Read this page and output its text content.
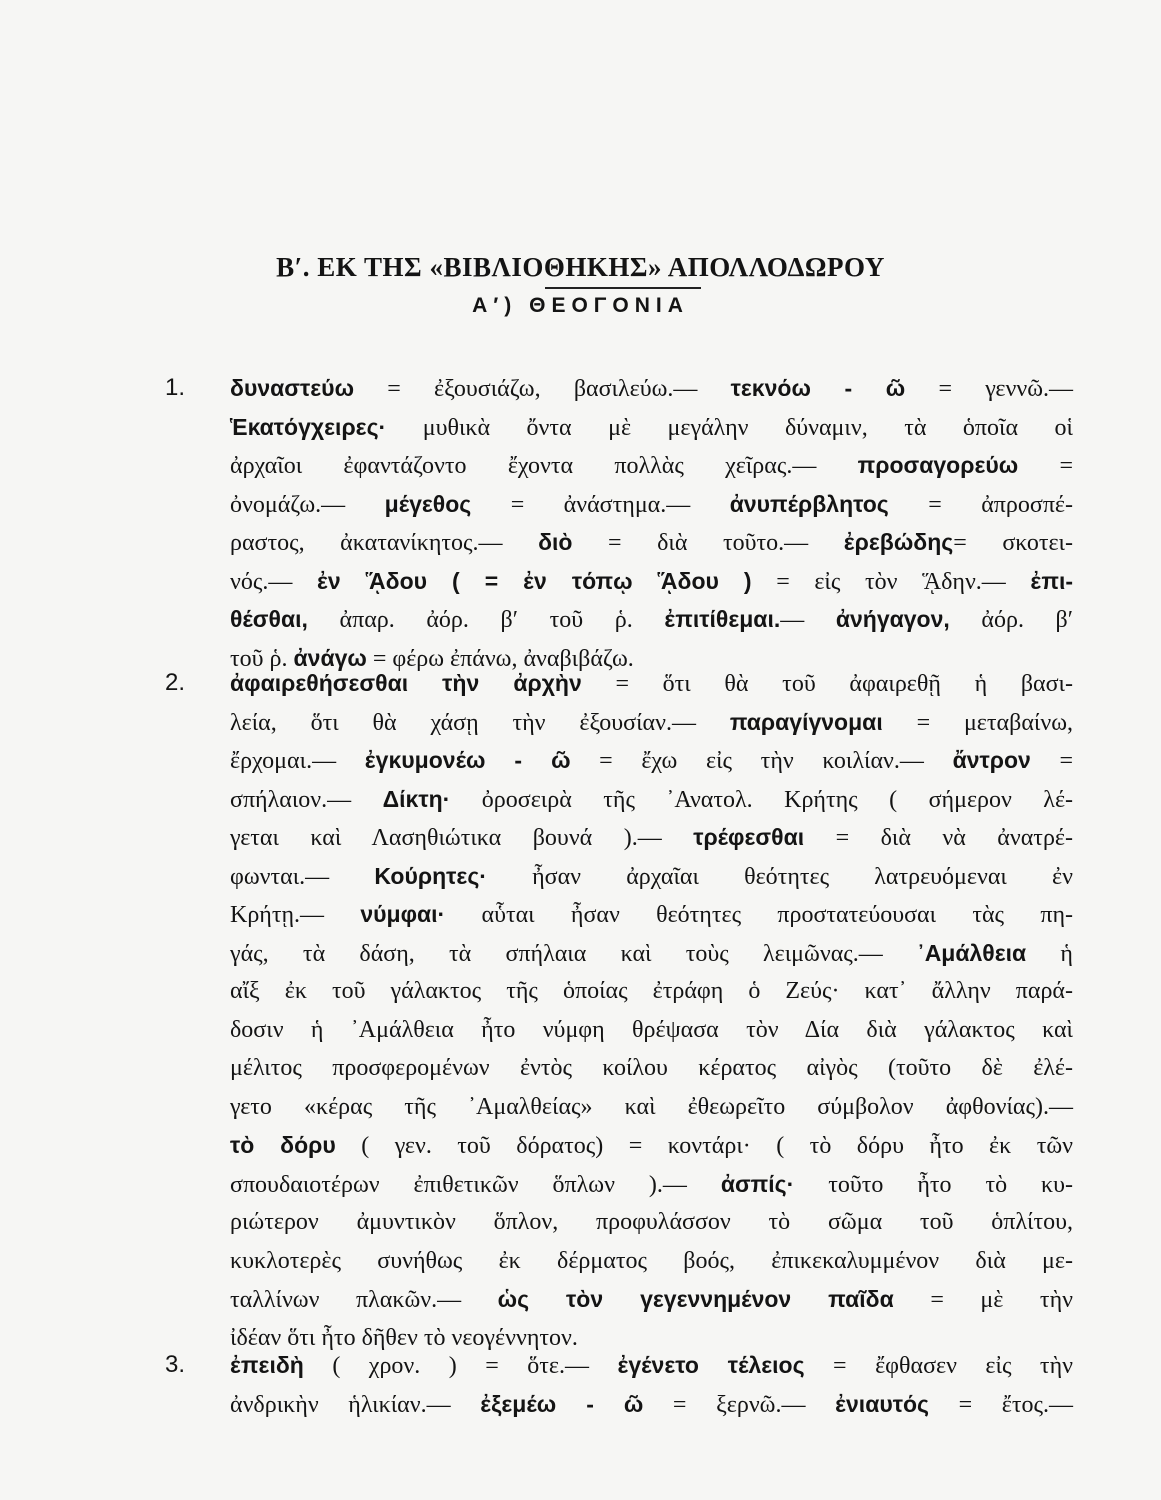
Β′. ΕΚ ΤΗΣ «ΒΙΒΛΙΟΘΗΚΗΣ» ΑΠΟΛΛΟΔΩΡΟΥ
Α′) ΘΕΟΓΟΝΙΑ
1. δυναστεύω = ἐξουσιάζω, βασιλεύω.— τεκνόω - ῶ = γεννῶ.—
Ἑκατόγχειρες· μυθικὰ ὄντα μὲ μεγάλην δύναμιν, τὰ ὁποῖα οἱ
ἀρχαῖοι ἐφαντάζοντο ἔχοντα πολλὰς χεῖρας.— προσαγορεύω =
ὀνομάζω.— μέγεθος = ἀνάστημα.— ἀνυπέρβλητος = ἀπροσπέ-
ραστος, ἀκατανίκητος.— διὸ = διὰ τοῦτο.— ἐρεβώδης= σκοτει-
νός.— ἐν ᾍδου ( = ἐν τόπῳ ᾍδου ) = εἰς τὸν ᾍδην.— ἐπι-
θέσθαι, ἀπαρ. ἀόρ. β′ τοῦ ῥ. ἐπιτίθεμαι.— ἀνήγαγον, ἀόρ. β′
τοῦ ῥ. ἀνάγω = φέρω ἐπάνω, ἀναβιβάζω.
2. ἀφαιρεθήσεσθαι τὴν ἀρχὴν = ὅτι θὰ τοῦ ἀφαιρεθῇ ἡ βασι-
λεία, ὅτι θὰ χάσῃ τὴν ἐξουσίαν.— παραγίγνομαι = μεταβαίνω,
ἔρχομαι.— ἐγκυμονέω - ῶ = ἔχω εἰς τὴν κοιλίαν.— ἄντρον =
σπήλαιον.— Δίκτη· ὀροσειρὰ τῆς ᾿Ανατολ. Κρήτης ( σήμερον λέ-
γεται καὶ Λασηθιώτικα βουνά ).— τρέφεσθαι = διὰ νὰ ἀνατρέ-
φωνται.— Κούρητες· ἦσαν ἀρχαῖαι θεότητες λατρευόμεναι ἐν
Κρήτῃ.— νύμφαι· αὗται ἦσαν θεότητες προστατεύουσαι τὰς πη-
γάς, τὰ δάση, τὰ σπήλαια καὶ τοὺς λειμῶνας.— ᾿Αμάλθεια ἡ
αἴξ ἐκ τοῦ γάλακτος τῆς ὁποίας ἐτράφη ὁ Ζεύς· κατ᾿ ἄλλην παρά-
δοσιν ἡ ᾿Αμάλθεια ἦτο νύμφη θρέψασα τὸν Δία διὰ γάλακτος καὶ
μέλιτος προσφερομένων ἐντὸς κοίλου κέρατος αἰγὸς (τοῦτο δὲ ἐλέ-
γετο «κέρας τῆς ᾿Αμαλθείας» καὶ ἐθεωρεῖτο σύμβολον ἀφθονίας).—
τὸ δόρυ ( γεν. τοῦ δόρατος) = κοντάρι· ( τὸ δόρυ ἦτο ἐκ τῶν
σπουδαιοτέρων ἐπιθετικῶν ὅπλων ).— ἀσπίς· τοῦτο ἦτο τὸ κυ-
ριώτερον ἀμυντικὸν ὅπλον, προφυλάσσον τὸ σῶμα τοῦ ὁπλίτου,
κυκλοτερὲς συνήθως ἐκ δέρματος βοός, ἐπικεκαλυμμένον διὰ με-
ταλλίνων πλακῶν.— ὡς τὸν γεγεννημένον παῖδα = μὲ τὴν
ἰδέαν ὅτι ἦτο δῆθεν τὸ νεογέννητον.
3. ἐπειδὴ ( χρον. ) = ὅτε.— ἐγένετο τέλειος = ἔφθασεν εἰς τὴν
ἀνδρικὴν ἡλικίαν.— ἐξεμέω - ῶ = ξερνῶ.— ἐνιαυτός = ἔτος.—
